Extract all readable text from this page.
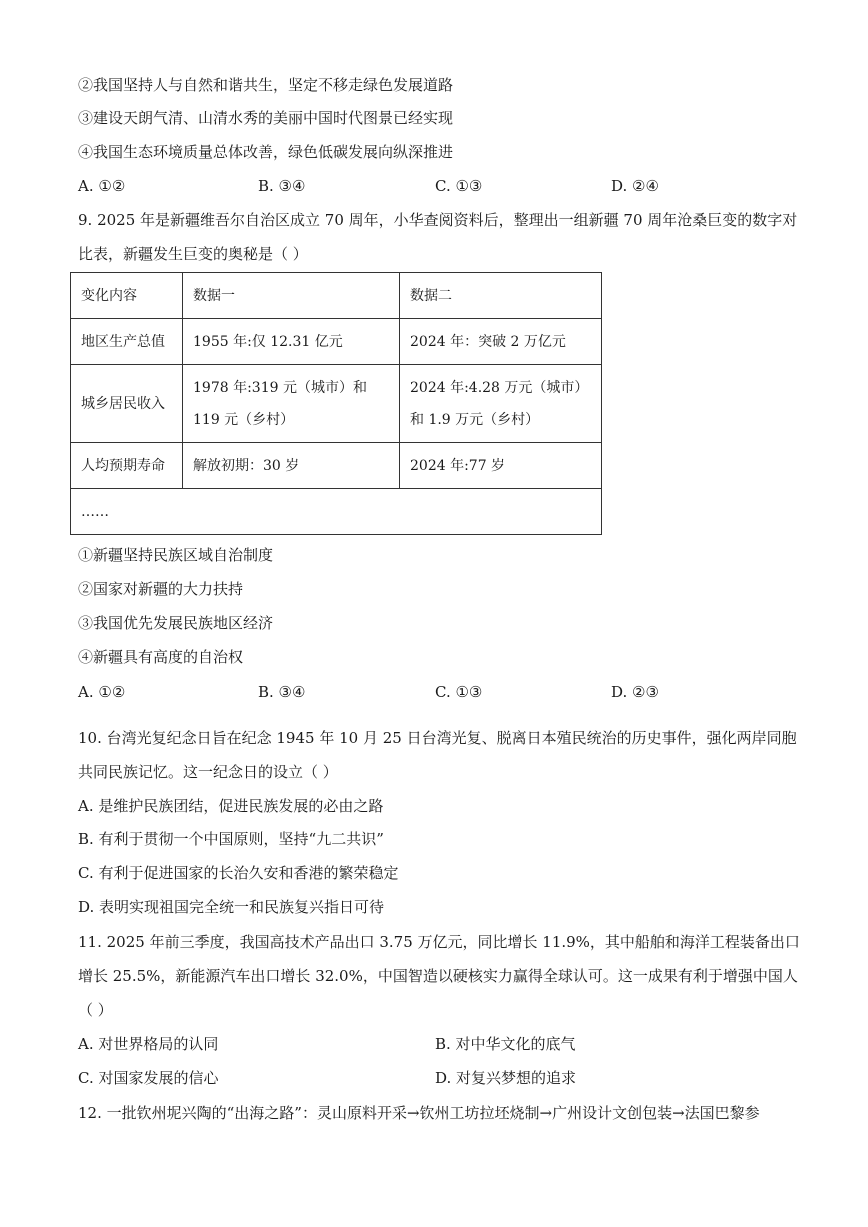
②我国坚持人与自然和谐共生，坚定不移走绿色发展道路
③建设天朗气清、山清水秀的美丽中国时代图景已经实现
④我国生态环境质量总体改善，绿色低碳发展向纵深推进
A. ①②	B. ③④	C. ①③	D. ②④
9. 2025 年是新疆维吾尔自治区成立 70 周年，小华查阅资料后，整理出一组新疆 70 周年沧桑巨变的数字对
比表，新疆发生巨变的奥秘是（ ）
变化内容	数据一	数据二
地区生产总值	1955 年:仅 12.31 亿元	2024 年：突破 2 万亿元
城乡居民收入	1978 年:319 元（城市）和 119 元（乡村）	2024 年:4.28 万元（城市）和 1.9 万元（乡村）
人均预期寿命	解放初期：30 岁	2024 年:77 岁
……		
①新疆坚持民族区域自治制度
②国家对新疆的大力扶持
③我国优先发展民族地区经济
④新疆具有高度的自治权
A. ①②	B. ③④	C. ①③	D. ②③
10. 台湾光复纪念日旨在纪念 1945 年 10 月 25 日台湾光复、脱离日本殖民统治的历史事件，强化两岸同胞
共同民族记忆。这一纪念日的设立（ ）
A. 是维护民族团结，促进民族发展的必由之路
B. 有利于贯彻一个中国原则，坚持“九二共识”
C. 有利于促进国家的长治久安和香港的繁荣稳定
D. 表明实现祖国完全统一和民族复兴指日可待
11. 2025 年前三季度，我国高技术产品出口 3.75 万亿元，同比增长 11.9%，其中船舶和海洋工程装备出口
增长 25.5%，新能源汽车出口增长 32.0%，中国智造以硬核实力赢得全球认可。这一成果有利于增强中国人
（ ）
A. 对世界格局的认同	B. 对中华文化的底气
C. 对国家发展的信心	D. 对复兴梦想的追求
12. 一批钦州坭兴陶的“出海之路”：灵山原料开采→钦州工坊拉坯烧制→广州设计文创包装→法国巴黎参
